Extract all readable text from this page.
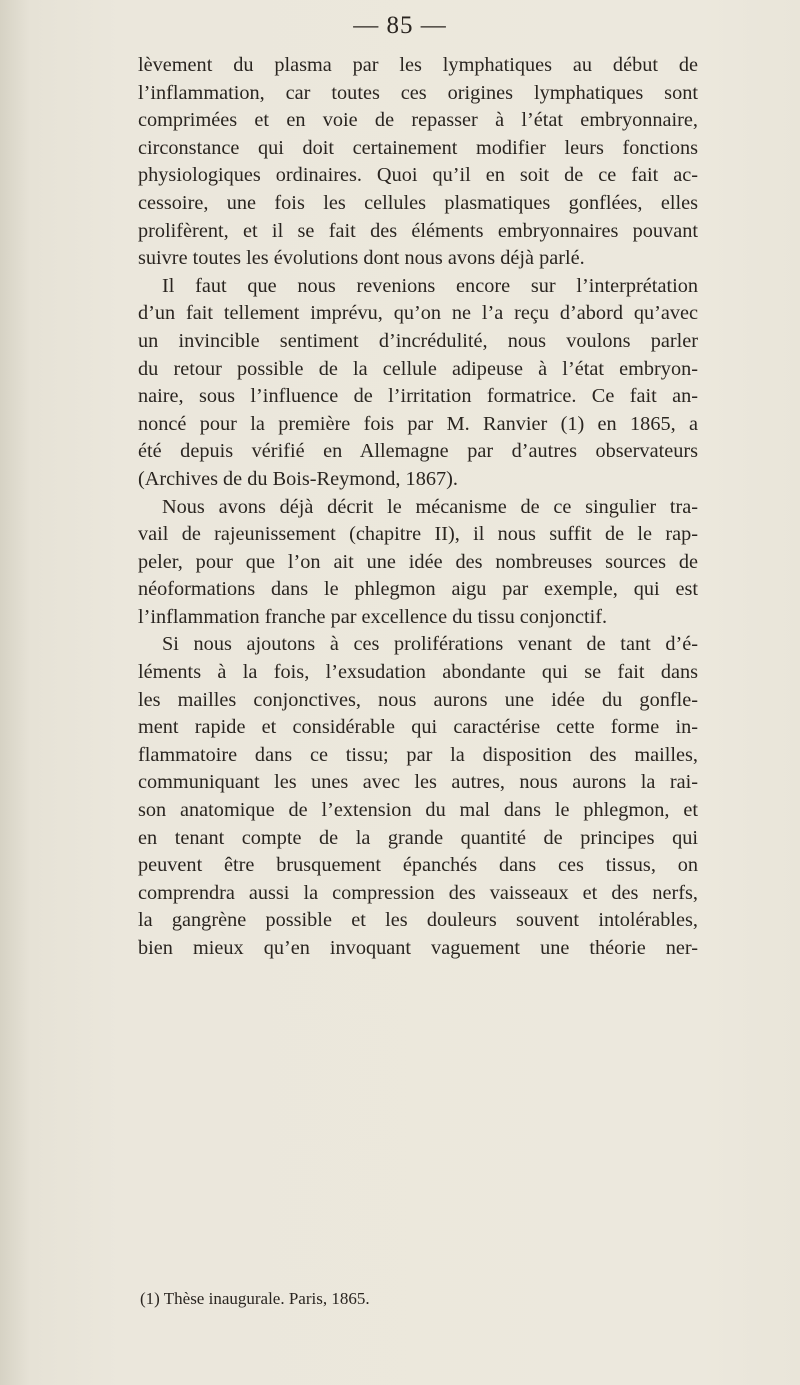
— 85 —
lèvement du plasma par les lymphatiques au début de
l’inflammation, car toutes ces origines lymphatiques sont
comprimées et en voie de repasser à l’état embryonnaire,
circonstance qui doit certainement modifier leurs fonctions
physiologiques ordinaires. Quoi qu’il en soit de ce fait ac-
cessoire, une fois les cellules plasmatiques gonflées, elles
prolifèrent, et il se fait des éléments embryonnaires pouvant
suivre toutes les évolutions dont nous avons déjà parlé.
Il faut que nous revenions encore sur l’interprétation
d’un fait tellement imprévu, qu’on ne l’a reçu d’abord qu’avec
un invincible sentiment d’incrédulité, nous voulons parler
du retour possible de la cellule adipeuse à l’état embryon-
naire, sous l’influence de l’irritation formatrice. Ce fait an-
noncé pour la première fois par M. Ranvier (1) en 1865, a
été depuis vérifié en Allemagne par d’autres observateurs
(Archives de du Bois-Reymond, 1867).
Nous avons déjà décrit le mécanisme de ce singulier tra-
vail de rajeunissement (chapitre II), il nous suffit de le rap-
peler, pour que l’on ait une idée des nombreuses sources de
néoformations dans le phlegmon aigu par exemple, qui est
l’inflammation franche par excellence du tissu conjonctif.
Si nous ajoutons à ces proliférations venant de tant d’é-
léments à la fois, l’exsudation abondante qui se fait dans
les mailles conjonctives, nous aurons une idée du gonfle-
ment rapide et considérable qui caractérise cette forme in-
flammatoire dans ce tissu; par la disposition des mailles,
communiquant les unes avec les autres, nous aurons la rai-
son anatomique de l’extension du mal dans le phlegmon, et
en tenant compte de la grande quantité de principes qui
peuvent être brusquement épanchés dans ces tissus, on
comprendra aussi la compression des vaisseaux et des nerfs,
la gangrène possible et les douleurs souvent intolérables,
bien mieux qu’en invoquant vaguement une théorie ner-
(1) Thèse inaugurale. Paris, 1865.
